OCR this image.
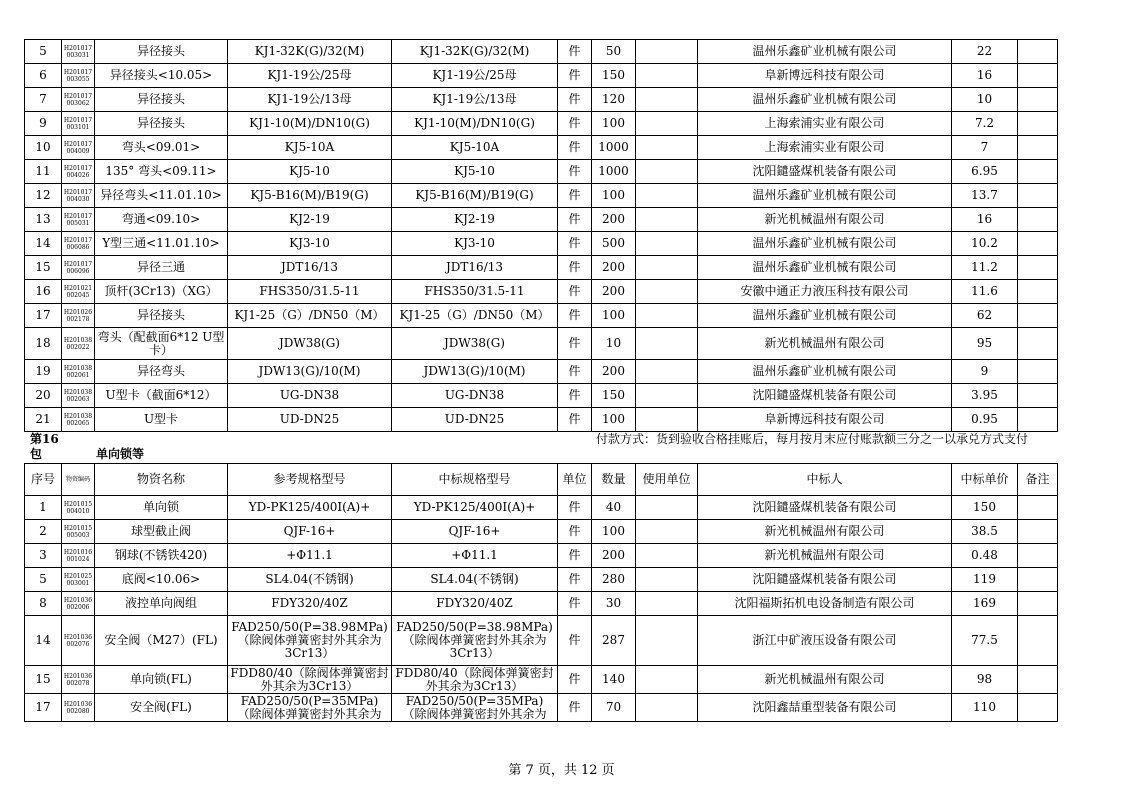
5	H201017 003031	异径接头	KJ1-32K(G)/32(M)	KJ1-32K(G)/32(M)	件	50		温州乐鑫矿业机械有限公司	22	
6	H201017 003055	异径接头<10.05>	KJ1-19公/25母	KJ1-19公/25母	件	150		阜新博远科技有限公司	16	
7	H201017 003062	异径接头	KJ1-19公/13母	KJ1-19公/13母	件	120		温州乐鑫矿业机械有限公司	10	
9	H201017 003101	异径接头	KJ1-10(M)/DN10(G)	KJ1-10(M)/DN10(G)	件	100		上海索浦实业有限公司	7.2	
10	H201017 004009	弯头<09.01>	KJ5-10A	KJ5-10A	件	1000		上海索浦实业有限公司	7	
11	H201017 004026	135° 弯头<09.11>	KJ5-10	KJ5-10	件	1000		沈阳鑓盛煤机装备有限公司	6.95	
12	H201017 004030	异径弯头<11.01.10>	KJ5-B16(M)/B19(G)	KJ5-B16(M)/B19(G)	件	100		温州乐鑫矿业机械有限公司	13.7	
13	H201017 005031	弯通<09.10>	KJ2-19	KJ2-19	件	200		新光机械温州有限公司	16	
14	H201017 006086	Y型三通<11.01.10>	KJ3-10	KJ3-10	件	500		温州乐鑫矿业机械有限公司	10.2	
15	H201017 006096	异径三通	JDT16/13	JDT16/13	件	200		温州乐鑫矿业机械有限公司	11.2	
16	H201021 002045	顶杆(3Cr13)（XG）	FHS350/31.5-11	FHS350/31.5-11	件	200		安徽中通正力液压科技有限公司	11.6	
17	H201026 002178	异径接头	KJ1-25（G）/DN50（M）	KJ1-25（G）/DN50（M）	件	100		温州乐鑫矿业机械有限公司	62	
18	H201038 002022	弯头（配截面6*12 U型卡）	JDW38(G)	JDW38(G)	件	10		新光机械温州有限公司	95	
19	H201038 002061	异径弯头	JDW13(G)/10(M)	JDW13(G)/10(M)	件	200		温州乐鑫矿业机械有限公司	9	
20	H201038 002063	U型卡（截面6*12）	UG-DN38	UG-DN38	件	150		沈阳鑓盛煤机装备有限公司	3.95	
21	H201038 002065	U型卡	UD-DN25	UD-DN25	件	100		阜新博远科技有限公司	0.95	
第16包	单向锁等
付款方式：货到验收合格挂账后，每月按月末应付账款额三分之一以承兑方式支付
序号	物资编码	物资名称	参考规格型号	中标规格型号	单位	数量	使用单位	中标人	中标单价	备注
1	H201015 004010	单向锁	YD-PK125/400I(A)+	YD-PK125/400I(A)+	件	40		沈阳鑓盛煤机装备有限公司	150	
2	H201015 005003	球型截止阀	QJF-16+	QJF-16+	件	100		新光机械温州有限公司	38.5	
3	H201016 001024	钢球(不锈铁420)	+Φ11.1	+Φ11.1	件	200		新光机械温州有限公司	0.48	
5	H201025 003001	底阀<10.06>	SL4.04(不锈钢)	SL4.04(不锈钢)	件	280		沈阳鑓盛煤机装备有限公司	119	
8	H201036 002006	液控单向阀组	FDY320/40Z	FDY320/40Z	件	30		沈阳福斯拓机电设备制造有限公司	169	
14	H201036 002076	安全阀（M27）(FL)	FAD250/50(P=38.98MPa)（除阀体弹簧密封外其余为3Cr13）	FAD250/50(P=38.98MPa)（除阀体弹簧密封外其余为3Cr13）	件	287		浙江中矿液压设备有限公司	77.5	
15	H201036 002078	单向锁(FL)	FDD80/40（除阀体弹簧密封外其余为3Cr13）	FDD80/40（除阀体弹簧密封外其余为3Cr13）	件	140		新光机械温州有限公司	98	
17	H201036 002080	安全阀(FL)	FAD250/50(P=35MPa)（除阀体弹簧密封外其余为	FAD250/50(P=35MPa)（除阀体弹簧密封外其余为	件	70		沈阳鑫喆重型装备有限公司	110	
第 7 页，共 12 页
